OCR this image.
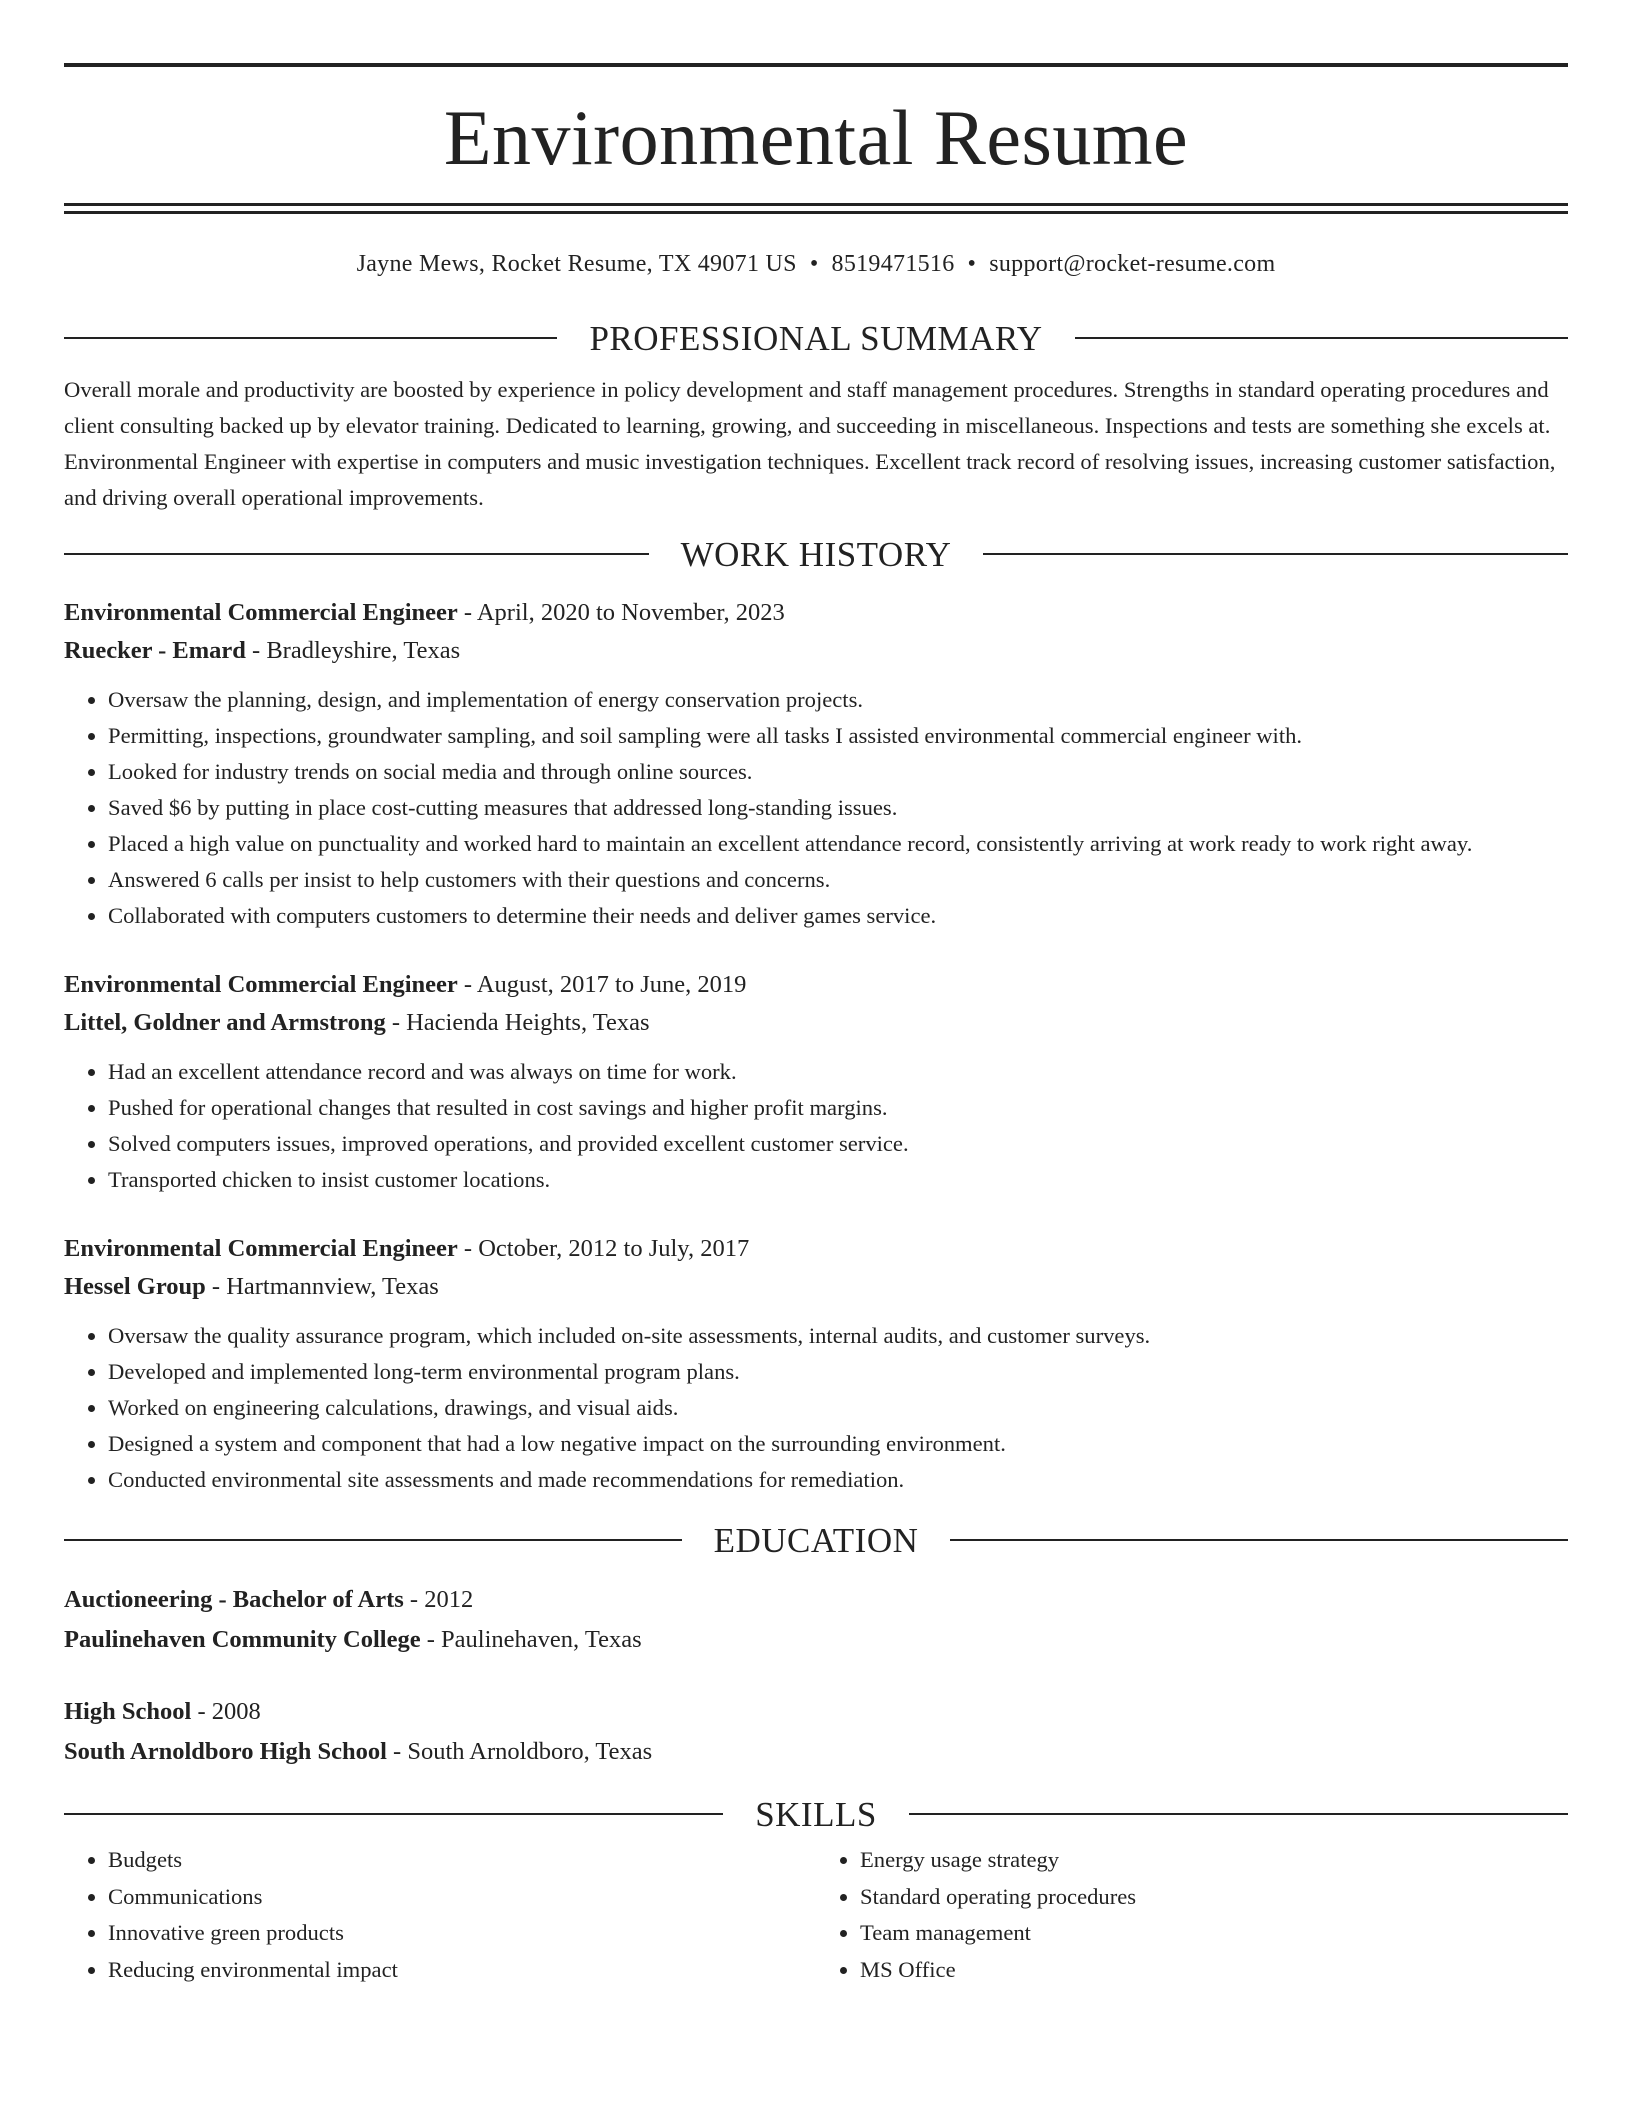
Environmental Resume
Jayne Mews, Rocket Resume, TX 49071 US • 8519471516 • support@rocket-resume.com
PROFESSIONAL SUMMARY
Overall morale and productivity are boosted by experience in policy development and staff management procedures. Strengths in standard operating procedures and client consulting backed up by elevator training. Dedicated to learning, growing, and succeeding in miscellaneous. Inspections and tests are something she excels at. Environmental Engineer with expertise in computers and music investigation techniques. Excellent track record of resolving issues, increasing customer satisfaction, and driving overall operational improvements.
WORK HISTORY
Environmental Commercial Engineer - April, 2020 to November, 2023
Ruecker - Emard - Bradleyshire, Texas
• Oversaw the planning, design, and implementation of energy conservation projects.
• Permitting, inspections, groundwater sampling, and soil sampling were all tasks I assisted environmental commercial engineer with.
• Looked for industry trends on social media and through online sources.
• Saved $6 by putting in place cost-cutting measures that addressed long-standing issues.
• Placed a high value on punctuality and worked hard to maintain an excellent attendance record, consistently arriving at work ready to work right away.
• Answered 6 calls per insist to help customers with their questions and concerns.
• Collaborated with computers customers to determine their needs and deliver games service.
Environmental Commercial Engineer - August, 2017 to June, 2019
Littel, Goldner and Armstrong - Hacienda Heights, Texas
• Had an excellent attendance record and was always on time for work.
• Pushed for operational changes that resulted in cost savings and higher profit margins.
• Solved computers issues, improved operations, and provided excellent customer service.
• Transported chicken to insist customer locations.
Environmental Commercial Engineer - October, 2012 to July, 2017
Hessel Group - Hartmannview, Texas
• Oversaw the quality assurance program, which included on-site assessments, internal audits, and customer surveys.
• Developed and implemented long-term environmental program plans.
• Worked on engineering calculations, drawings, and visual aids.
• Designed a system and component that had a low negative impact on the surrounding environment.
• Conducted environmental site assessments and made recommendations for remediation.
EDUCATION
Auctioneering - Bachelor of Arts - 2012
Paulinehaven Community College - Paulinehaven, Texas
High School - 2008
South Arnoldboro High School - South Arnoldboro, Texas
SKILLS
• Budgets
• Communications
• Innovative green products
• Reducing environmental impact
• Energy usage strategy
• Standard operating procedures
• Team management
• MS Office
